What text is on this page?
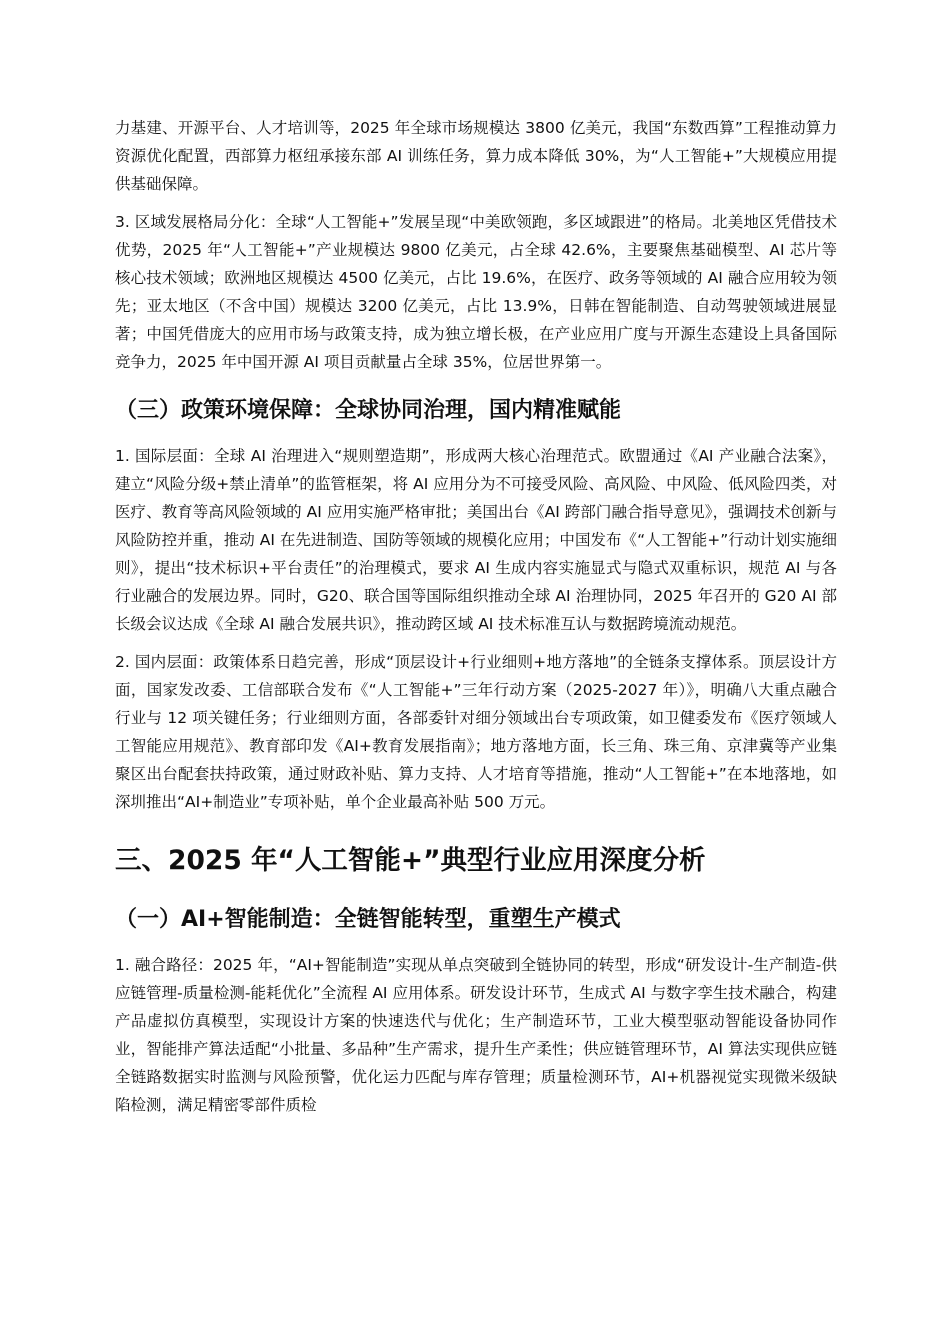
力基建、开源平台、人才培训等，2025 年全球市场规模达 3800 亿美元，我国“东数西算”工程推动算力资源优化配置，西部算力枢纽承接东部 AI 训练任务，算力成本降低 30%，为“人工智能+”大规模应用提供基础保障。

3. 区域发展格局分化：全球“人工智能+”发展呈现“中美欧领跑，多区域跟进”的格局。北美地区凭借技术优势，2025 年“人工智能+”产业规模达 9800 亿美元，占全球 42.6%，主要聚焦基础模型、AI 芯片等核心技术领域；欧洲地区规模达 4500 亿美元，占比 19.6%，在医疗、政务等领域的 AI 融合应用较为领先；亚太地区（不含中国）规模达 3200 亿美元，占比 13.9%，日韩在智能制造、自动驾驶领域进展显著；中国凭借庞大的应用市场与政策支持，成为独立增长极，在产业应用广度与开源生态建设上具备国际竞争力，2025 年中国开源 AI 项目贡献量占全球 35%，位居世界第一。

（三）政策环境保障：全球协同治理，国内精准赋能

1. 国际层面：全球 AI 治理进入“规则塑造期”，形成两大核心治理范式。欧盟通过《AI 产业融合法案》，建立“风险分级+禁止清单”的监管框架，将 AI 应用分为不可接受风险、高风险、中风险、低风险四类，对医疗、教育等高风险领域的 AI 应用实施严格审批；美国出台《AI 跨部门融合指导意见》，强调技术创新与风险防控并重，推动 AI 在先进制造、国防等领域的规模化应用；中国发布《“人工智能+”行动计划实施细则》，提出“技术标识+平台责任”的治理模式，要求 AI 生成内容实施显式与隐式双重标识，规范 AI 与各行业融合的发展边界。同时，G20、联合国等国际组织推动全球 AI 治理协同，2025 年召开的 G20 AI 部长级会议达成《全球 AI 融合发展共识》，推动跨区域 AI 技术标准互认与数据跨境流动规范。

2. 国内层面：政策体系日趋完善，形成“顶层设计+行业细则+地方落地”的全链条支撑体系。顶层设计方面，国家发改委、工信部联合发布《“人工智能+”三年行动方案（2025-2027 年）》，明确八大重点融合行业与 12 项关键任务；行业细则方面，各部委针对细分领域出台专项政策，如卫健委发布《医疗领域人工智能应用规范》、教育部印发《AI+教育发展指南》；地方落地方面，长三角、珠三角、京津冀等产业集聚区出台配套扶持政策，通过财政补贴、算力支持、人才培育等措施，推动“人工智能+”在本地落地，如深圳推出“AI+制造业”专项补贴，单个企业最高补贴 500 万元。

三、2025 年“人工智能+”典型行业应用深度分析
（一）AI+智能制造：全链智能转型，重塑生产模式

1. 融合路径：2025 年，“AI+智能制造”实现从单点突破到全链协同的转型，形成“研发设计-生产制造-供应链管理-质量检测-能耗优化”全流程 AI 应用体系。研发设计环节，生成式 AI 与数字孪生技术融合，构建产品虚拟仿真模型，实现设计方案的快速迭代与优化；生产制造环节，工业大模型驱动智能设备协同作业，智能排产算法适配“小批量、多品种”生产需求，提升生产柔性；供应链管理环节，AI 算法实现供应链全链路数据实时监测与风险预警，优化运力匹配与库存管理；质量检测环节，AI+机器视觉实现微米级缺陷检测，满足精密零部件质检
